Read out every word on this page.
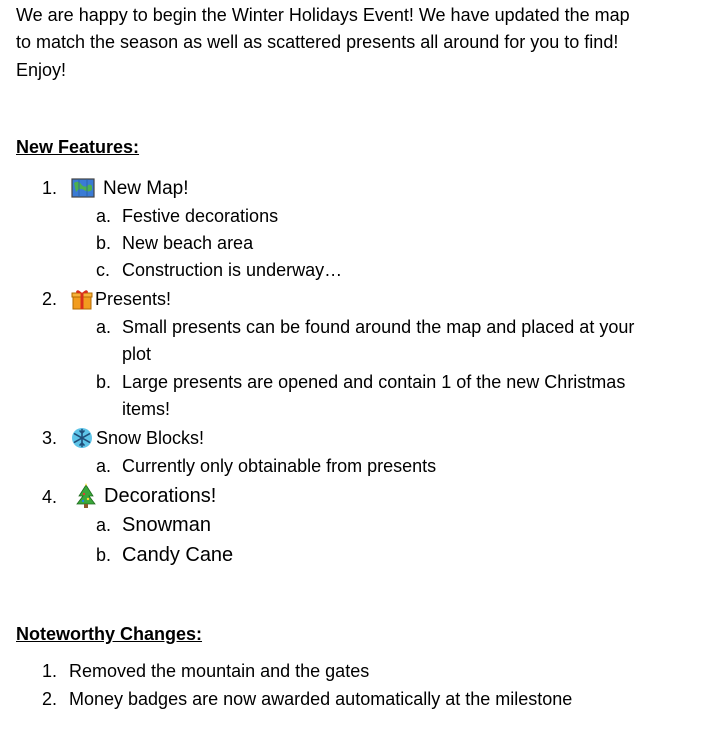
We are happy to begin the Winter Holidays Event! We have updated the map
to match the season as well as scattered presents all around for you to find!
Enjoy!
New Features:
1. New Map!
a. Festive decorations
b. New beach area
c. Construction is underway…
2. Presents!
a. Small presents can be found around the map and placed at your
plot
b. Large presents are opened and contain 1 of the new Christmas
items!
3. Snow Blocks!
a. Currently only obtainable from presents
4. Decorations!
a. Snowman
b. Candy Cane
Noteworthy Changes:
1. Removed the mountain and the gates
2. Money badges are now awarded automatically at the milestone
